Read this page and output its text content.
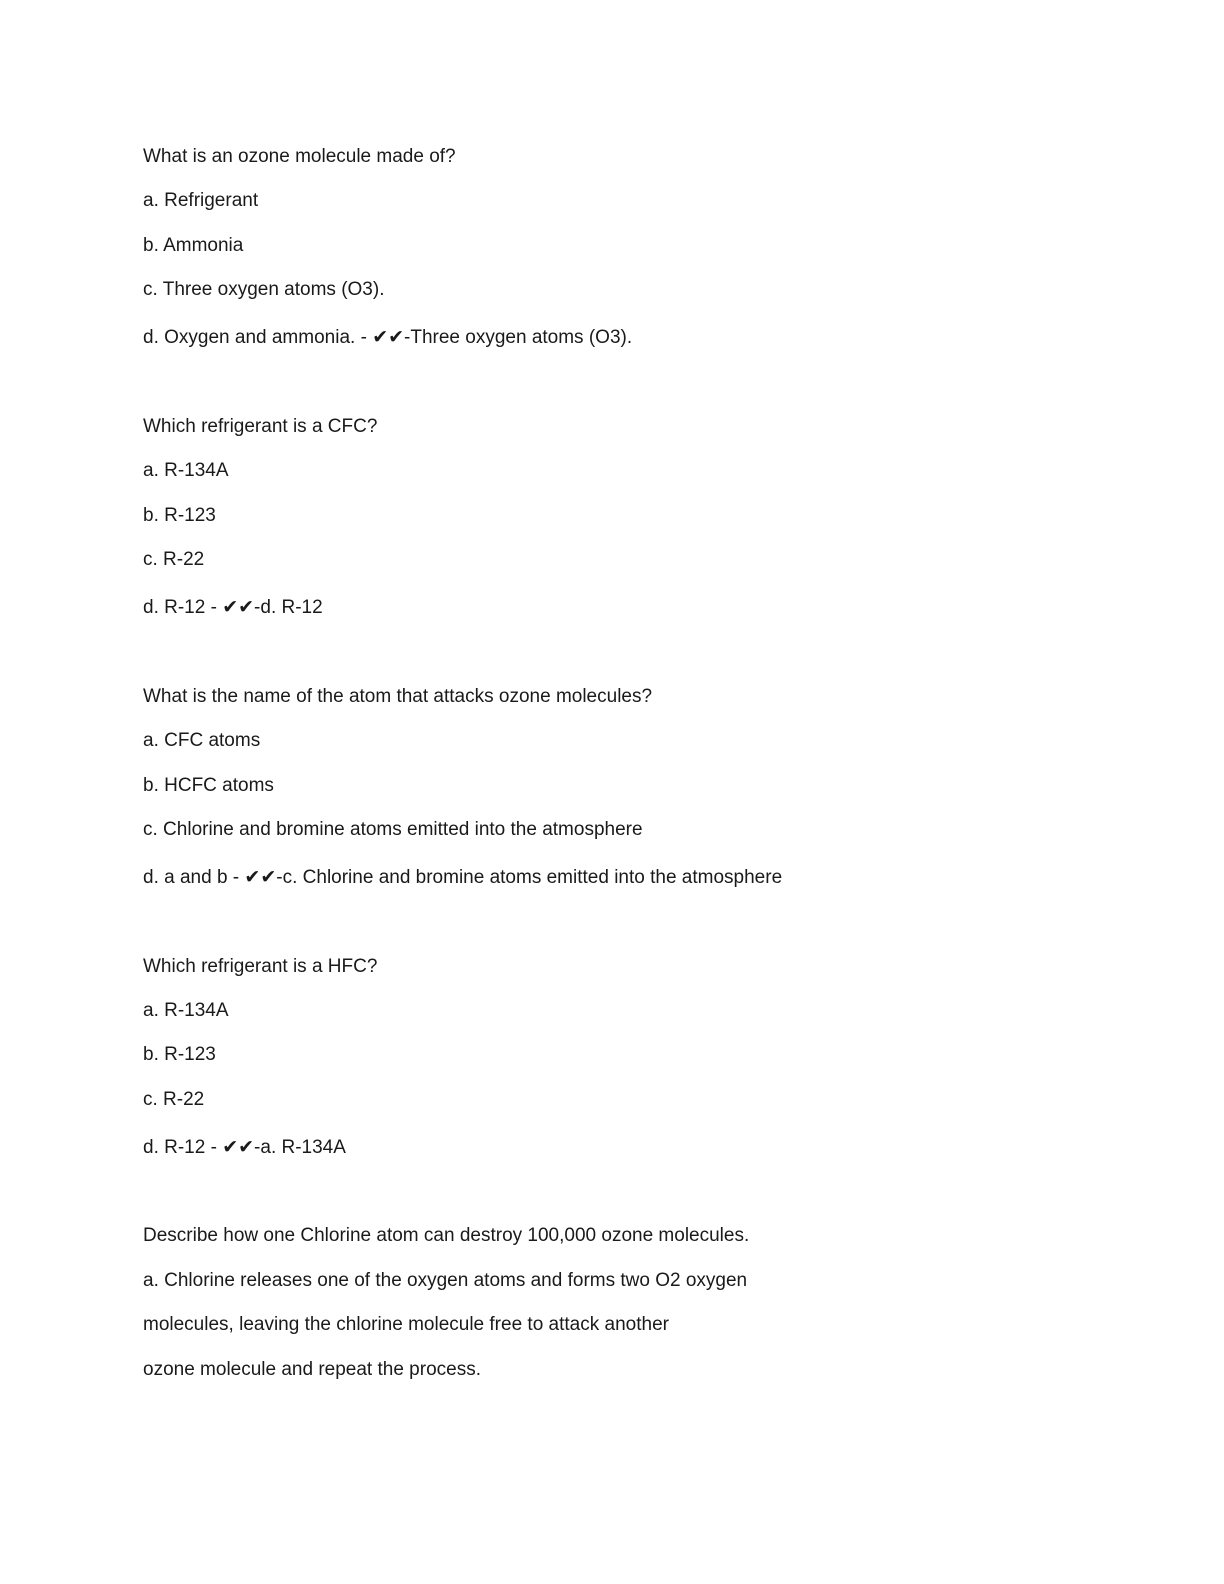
What is an ozone molecule made of?
a. Refrigerant
b. Ammonia
c. Three oxygen atoms (O3).
d. Oxygen and ammonia. - ✔✔-Three oxygen atoms (O3).
Which refrigerant is a CFC?
a. R-134A
b. R-123
c. R-22
d. R-12 - ✔✔-d. R-12
What is the name of the atom that attacks ozone molecules?
a. CFC atoms
b. HCFC atoms
c. Chlorine and bromine atoms emitted into the atmosphere
d. a and b - ✔✔-c. Chlorine and bromine atoms emitted into the atmosphere
Which refrigerant is a HFC?
a. R-134A
b. R-123
c. R-22
d. R-12 - ✔✔-a. R-134A
Describe how one Chlorine atom can destroy 100,000 ozone molecules.
a. Chlorine releases one of the oxygen atoms and forms two O2 oxygen
molecules, leaving the chlorine molecule free to attack another
ozone molecule and repeat the process.
